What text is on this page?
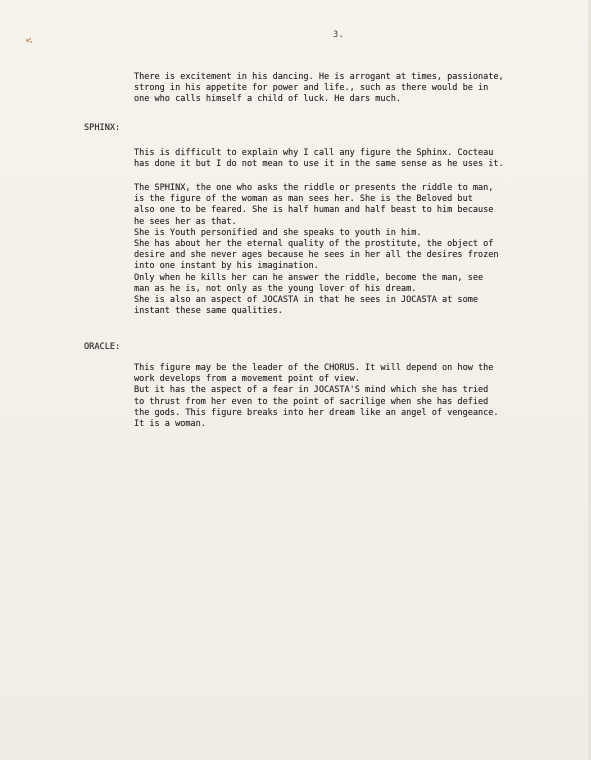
3.

There is excitement in his dancing. He is arrogant at times, passionate,
strong in his appetite for power and life., such as there would be in
one who calls himself a child of luck. He dars much.

SPHINX:

This is difficult to explain why I call any figure the Sphinx. Cocteau
has done it but I do not mean to use it in the same sense as he uses it.

The SPHINX, the one who asks the riddle or presents the riddle to man,
is the figure of the woman as man sees her. She is the Beloved but
also one to be feared. She is half human and half beast to him because
he sees her as that.
She is Youth personified and she speaks to youth in him.
She has about her the eternal quality of the prostitute, the object of
desire and she never ages because he sees in her all the desires frozen
into one instant by his imagination.
Only when he kills her can he answer the riddle, become the man, see
man as he is, not only as the young lover of his dream.
She is also an aspect of JOCASTA in that he sees in JOCASTA at some
instant these same qualities.

ORACLE:

This figure may be the leader of the CHORUS. It will depend on how the
work develops from a movement point of view.
But it has the aspect of a fear in JOCASTA'S mind which she has tried
to thrust from her even to the point of sacrilige when she has defied
the gods. This figure breaks into her dream like an angel of vengeance.
It is a woman.
